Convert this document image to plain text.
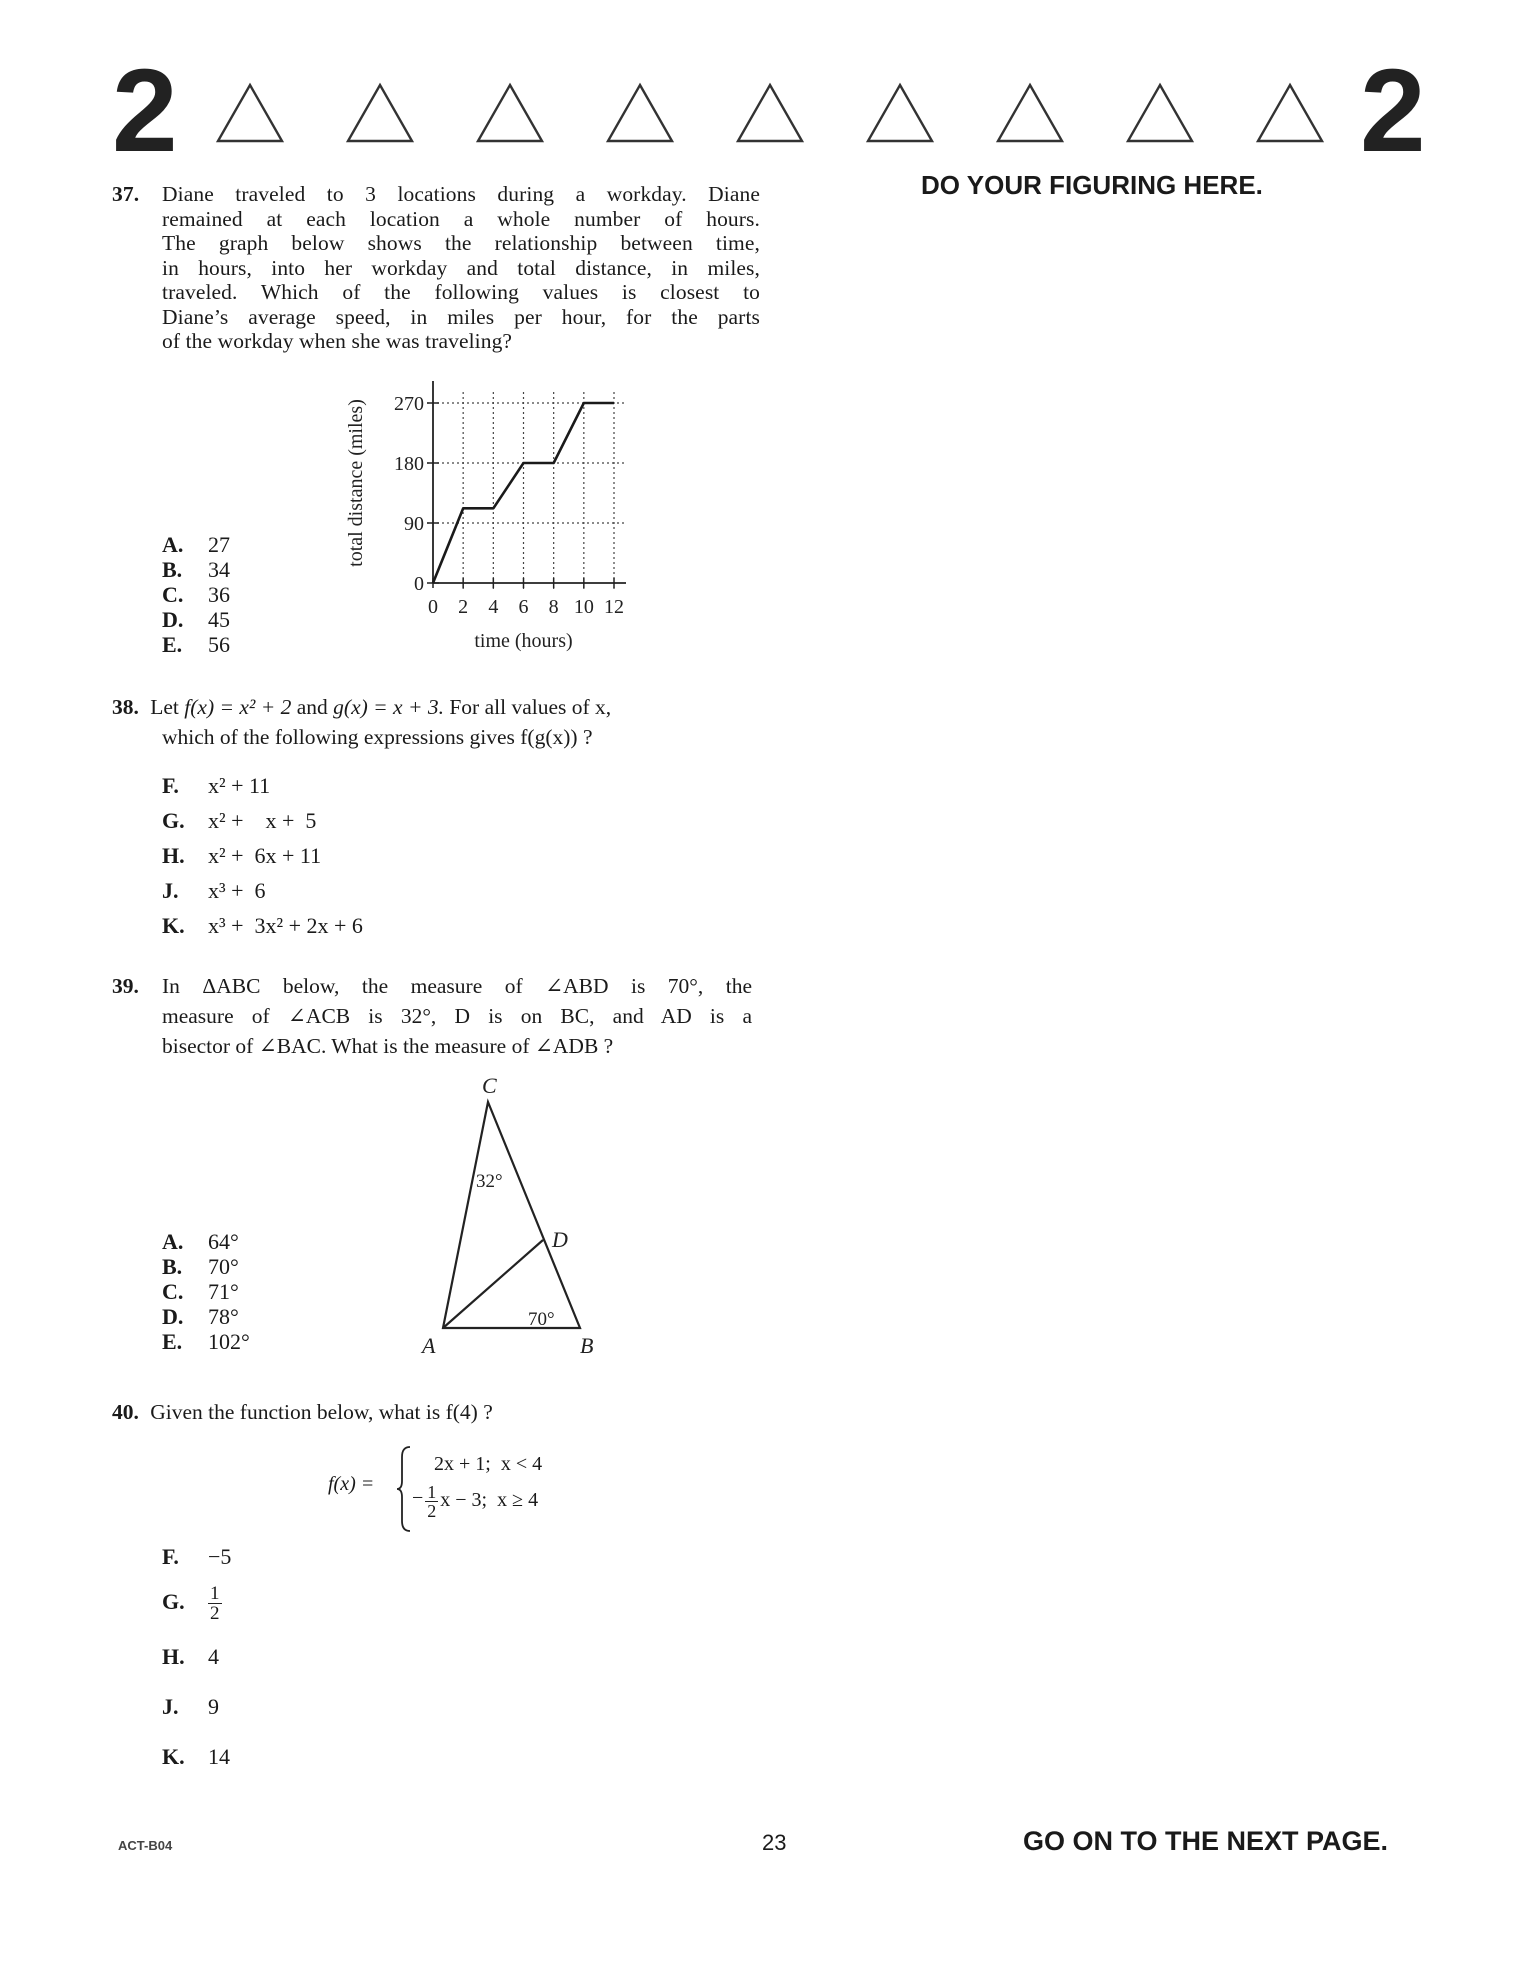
2	2
DO YOUR FIGURING HERE.
37. Diane traveled to 3 locations during a workday. Diane
remained at each location a whole number of hours.
The graph below shows the relationship between time,
in hours, into her workday and total distance, in miles,
traveled. Which of the following values is closest to
Diane’s average speed, in miles per hour, for the parts
of the workday when she was traveling?
A. 27
B. 34
C. 36
D. 45
E. 56
0 2 4 6 8 10 12
0
90
180
270
time (hours)
total distance (miles)
38. Let f(x) = x² + 2 and g(x) = x + 3. For all values of x,
which of the following expressions gives f(g(x)) ?
F. x² + 11
G. x² +    x +  5
H. x² +  6x + 11
J. x³ +  6
K. x³ +  3x² + 2x + 6
39. In ΔABC below, the measure of ∠ABD is 70°, the
measure of ∠ACB is 32°, D is on BC, and AD is a
bisector of ∠BAC. What is the measure of ∠ADB ?
A. 64°
B. 70°
C. 71°
D. 78°
E. 102°
C
D
A	B
32°
70°
40. Given the function below, what is f(4) ?
f(x) =
2x + 1;  x < 4
− $\frac{1}{2}$ x − 3;  x ≥ 4
F. −5
G. $\frac{1}{2}$
H. 4
J. 9
K. 14
ACT-B04	23	GO ON TO THE NEXT PAGE.
